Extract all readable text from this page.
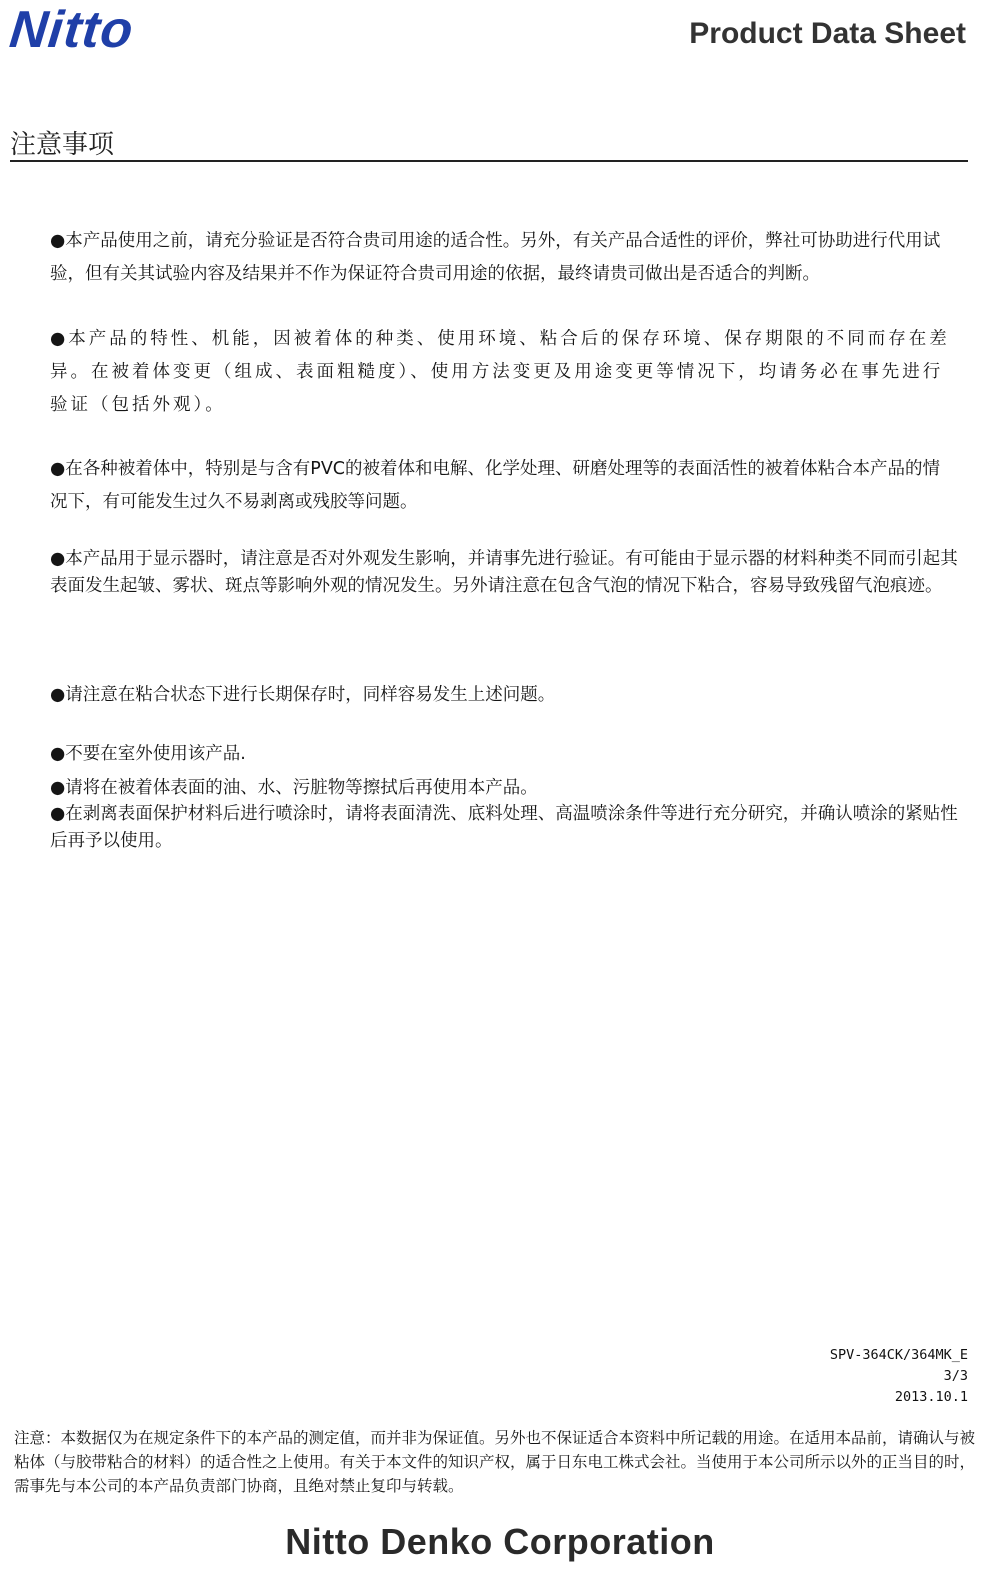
Nitto	Product Data Sheet
注意事项

●本产品使用之前，请充分验证是否符合贵司用途的适合性。另外，有关产品合适性的评价，弊社可协助进行代用试验，但有关其试验内容及结果并不作为保证符合贵司用途的依据，最终请贵司做出是否适合的判断。

●本产品的特性、机能，因被着体的种类、使用环境、粘合后的保存环境、保存期限的不同而存在差异。在被着体变更（组成、表面粗糙度）、使用方法变更及用途变更等情况下，均请务必在事先进行验证（包括外观）。

●在各种被着体中，特别是与含有PVC的被着体和电解、化学处理、研磨处理等的表面活性的被着体粘合本产品的情况下，有可能发生过久不易剥离或残胶等问题。

●本产品用于显示器时，请注意是否对外观发生影响，并请事先进行验证。有可能由于显示器的材料种类不同而引起其表面发生起皱、雾状、斑点等影响外观的情况发生。另外请注意在包含气泡的情况下粘合，容易导致残留气泡痕迹。

●请注意在粘合状态下进行长期保存时，同样容易发生上述问题。

●不要在室外使用该产品.

●请将在被着体表面的油、水、污脏物等擦拭后再使用本产品。

●在剥离表面保护材料后进行喷涂时，请将表面清洗、底料处理、高温喷涂条件等进行充分研究，并确认喷涂的紧贴性后再予以使用。

SPV-364CK/364MK_E
3/3
2013.10.1

注意：本数据仅为在规定条件下的本产品的测定值，而并非为保证值。另外也不保证适合本资料中所记载的用途。在适用本品前，请确认与被粘体（与胶带粘合的材料）的适合性之上使用。有关于本文件的知识产权，属于日东电工株式会社。当使用于本公司所示以外的正当目的时，需事先与本公司的本产品负责部门协商，且绝对禁止复印与转载。

Nitto Denko Corporation
